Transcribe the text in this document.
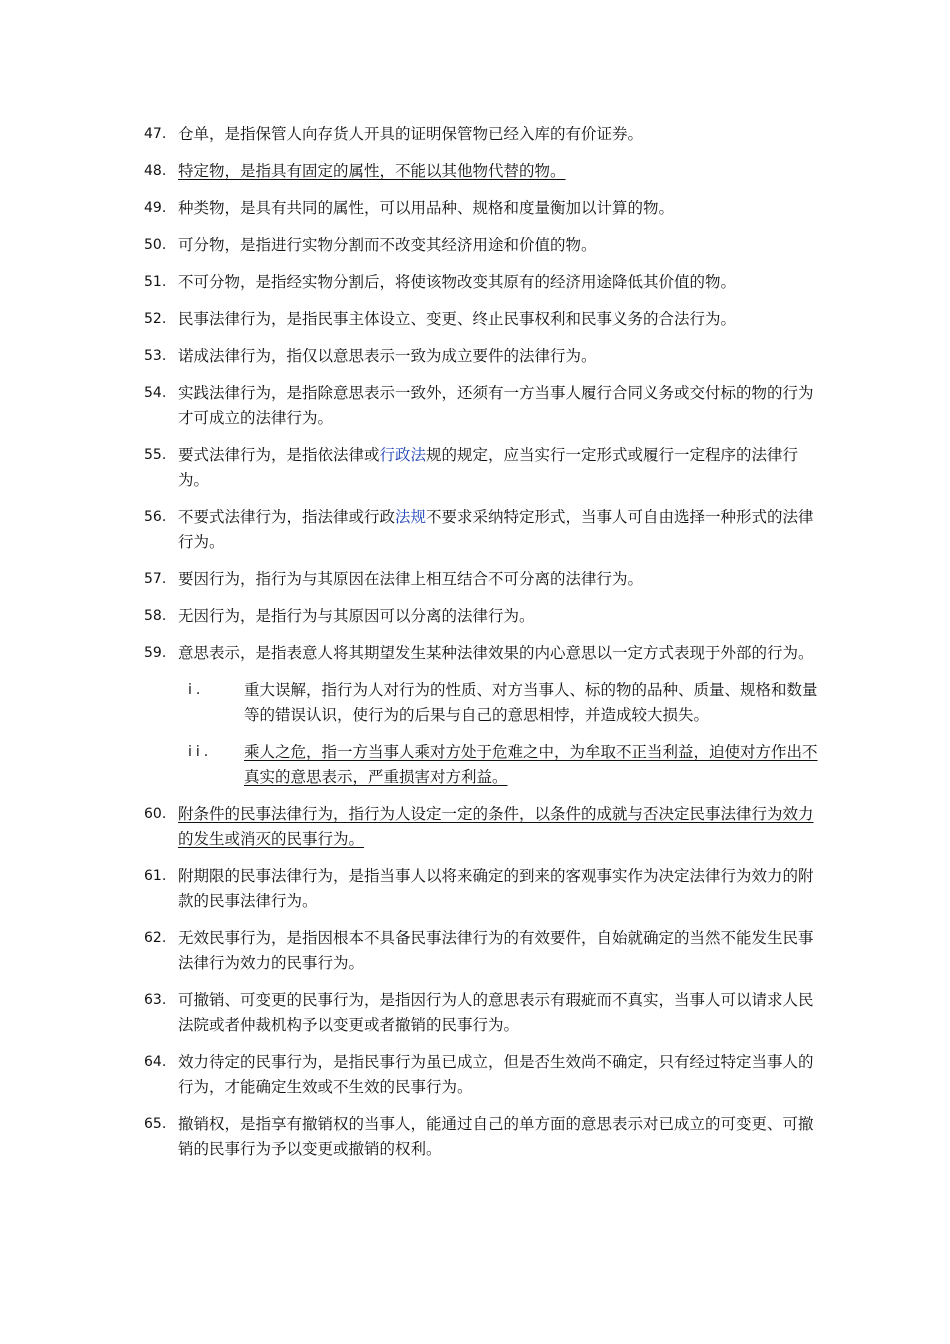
47. 仓单，是指保管人向存货人开具的证明保管物已经入库的有价证券。
48. 特定物，是指具有固定的属性，不能以其他物代替的物。
49. 种类物，是具有共同的属性，可以用品种、规格和度量衡加以计算的物。
50. 可分物，是指进行实物分割而不改变其经济用途和价值的物。
51. 不可分物，是指经实物分割后，将使该物改变其原有的经济用途降低其价值的物。
52. 民事法律行为，是指民事主体设立、变更、终止民事权利和民事义务的合法行为。
53. 诺成法律行为，指仅以意思表示一致为成立要件的法律行为。
54. 实践法律行为，是指除意思表示一致外，还须有一方当事人履行合同义务或交付标的物的行为才可成立的法律行为。
55. 要式法律行为，是指依法律或行政法规的规定，应当实行一定形式或履行一定程序的法律行为。
56. 不要式法律行为，指法律或行政法规不要求采纳特定形式，当事人可自由选择一种形式的法律行为。
57. 要因行为，指行为与其原因在法律上相互结合不可分离的法律行为。
58. 无因行为，是指行为与其原因可以分离的法律行为。
59. 意思表示，是指表意人将其期望发生某种法律效果的内心意思以一定方式表现于外部的行为。
i.	重大误解，指行为人对行为的性质、对方当事人、标的物的品种、质量、规格和数量等的错误认识，使行为的后果与自己的意思相悖，并造成较大损失。
ii. 乘人之危，指一方当事人乘对方处于危难之中，为牟取不正当利益，迫使对方作出不真实的意思表示，严重损害对方利益。
60. 附条件的民事法律行为，指行为人设定一定的条件，以条件的成就与否决定民事法律行为效力的发生或消灭的民事行为。
61. 附期限的民事法律行为，是指当事人以将来确定的到来的客观事实作为决定法律行为效力的附款的民事法律行为。
62. 无效民事行为，是指因根本不具备民事法律行为的有效要件，自始就确定的当然不能发生民事法律行为效力的民事行为。
63. 可撤销、可变更的民事行为，是指因行为人的意思表示有瑕疵而不真实，当事人可以请求人民法院或者仲裁机构予以变更或者撤销的民事行为。
64. 效力待定的民事行为，是指民事行为虽已成立，但是否生效尚不确定，只有经过特定当事人的行为，才能确定生效或不生效的民事行为。
65. 撤销权，是指享有撤销权的当事人，能通过自己的单方面的意思表示对已成立的可变更、可撤销的民事行为予以变更或撤销的权利。
